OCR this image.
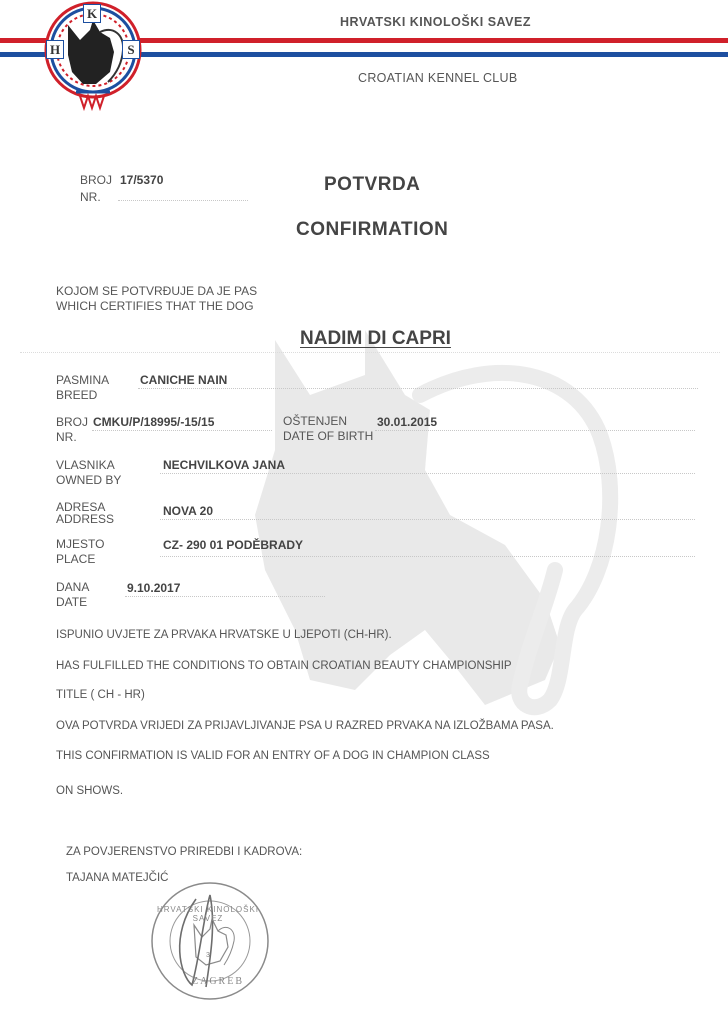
K
H	S
HRVATSKI KINOLOŠKI SAVEZ
CROATIAN KENNEL CLUB
BROJ 17/5370
NR.
POTVRDA
CONFIRMATION
KOJOM SE POTVRĐUJE DA JE PAS
WHICH CERTIFIES THAT THE DOG
NADIM DI CAPRI
PASMINA
BREED
CANICHE NAIN
BROJ CMKU/P/18995/-15/15
NR.
OŠTENJEN
DATE OF BIRTH
30.01.2015
VLASNIKA
OWNED BY
NECHVILKOVA JANA
ADRESA
ADDRESS
NOVA 20
MJESTO
PLACE
CZ- 290 01 PODĚBRADY
DANA
DATE
9.10.2017
ISPUNIO UVJETE ZA PRVAKA HRVATSKE U LJEPOTI (CH-HR).
HAS FULFILLED THE CONDITIONS TO OBTAIN CROATIAN BEAUTY CHAMPIONSHIP
TITLE ( CH - HR)
OVA POTVRDA VRIJEDI ZA PRIJAVLJIVANJE PSA U RAZRED PRVAKA NA IZLOŽBAMA PASA.
THIS CONFIRMATION IS VALID FOR AN ENTRY OF A DOG IN CHAMPION CLASS
ON SHOWS.
ZA POVJERENSTVO PRIREDBI I KADROVA:
TAJANA MATEJČIĆ
HRVATSKI KINOLOŠKI SAVEZ
3
ZAGREB
